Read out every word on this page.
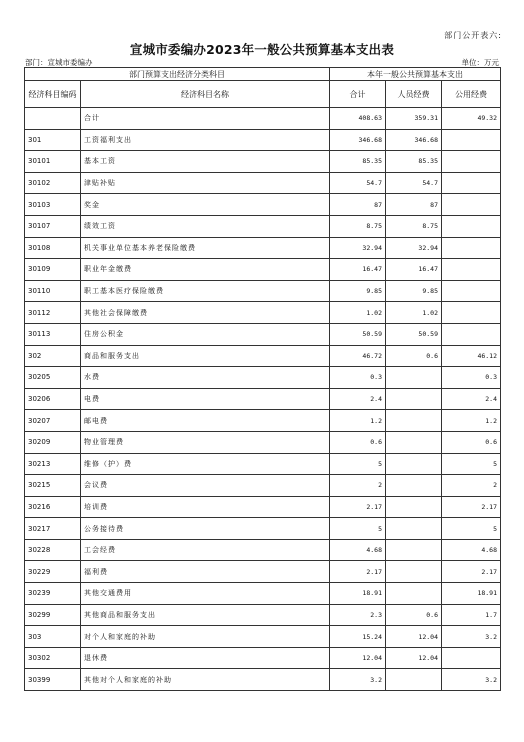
部门公开表六:
宣城市委编办2023年一般公共预算基本支出表
部门：宣城市委编办	单位：万元
部门预算支出经济分类科目		本年一般公共预算基本支出		
经济科目编码	经济科目名称	合计	人员经费	公用经费
	合计	408.63	359.31	49.32
301	工资福利支出	346.68	346.68	
30101	基本工资	85.35	85.35	
30102	津贴补贴	54.7	54.7	
30103	奖金	87	87	
30107	绩效工资	8.75	8.75	
30108	机关事业单位基本养老保险缴费	32.94	32.94	
30109	职业年金缴费	16.47	16.47	
30110	职工基本医疗保险缴费	9.85	9.85	
30112	其他社会保障缴费	1.02	1.02	
30113	住房公积金	50.59	50.59	
302	商品和服务支出	46.72	0.6	46.12
30205	水费	0.3		0.3
30206	电费	2.4		2.4
30207	邮电费	1.2		1.2
30209	物业管理费	0.6		0.6
30213	维修（护）费	5		5
30215	会议费	2		2
30216	培训费	2.17		2.17
30217	公务接待费	5		5
30228	工会经费	4.68		4.68
30229	福利费	2.17		2.17
30239	其他交通费用	18.91		18.91
30299	其他商品和服务支出	2.3	0.6	1.7
303	对个人和家庭的补助	15.24	12.04	3.2
30302	退休费	12.04	12.04	
30399	其他对个人和家庭的补助	3.2		3.2
